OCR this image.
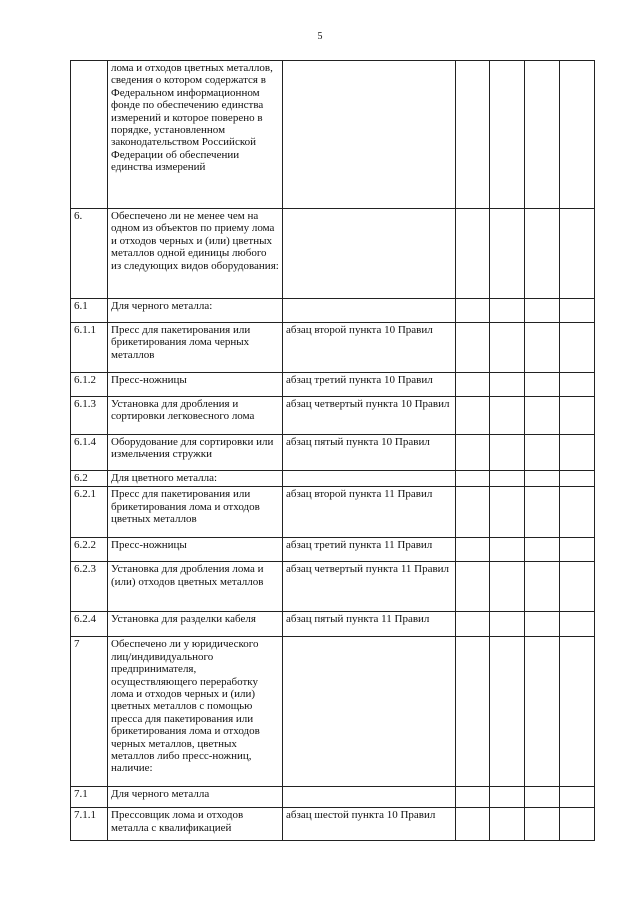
5
	лома и отходов цветных металлов, сведения о котором содержатся в Федеральном информационном фонде по обеспечению единства измерений и которое поверено в порядке, установленном законодательством Российской Федерации об обеспечении единства измерений					
6.	Обеспечено ли не менее чем на одном из объектов по приему лома и отходов черных и (или) цветных металлов одной единицы любого из следующих видов оборудования:					
6.1	Для черного металла:					
6.1.1	Пресс для пакетирования или брикетирования лома черных металлов	абзац второй пункта 10 Правил				
6.1.2	Пресс-ножницы	абзац третий пункта 10 Правил				
6.1.3	Установка для дробления и сортировки легковесного лома	абзац четвертый пункта 10 Правил				
6.1.4	Оборудование для сортировки или измельчения стружки	абзац пятый пункта 10 Правил				
6.2	Для цветного металла:					
6.2.1	Пресс для пакетирования или брикетирования лома и отходов цветных металлов	абзац второй пункта 11 Правил				
6.2.2	Пресс-ножницы	абзац третий пункта 11 Правил				
6.2.3	Установка для дробления лома и (или) отходов цветных металлов	абзац четвертый пункта 11 Правил				
6.2.4	Установка для разделки кабеля	абзац пятый пункта 11 Правил				
7	Обеспечено ли у юридического лиц/индивидуального предпринимателя, осуществляющего переработку лома и отходов черных и (или) цветных металлов с помощью пресса для пакетирования или брикетирования лома и отходов черных металлов, цветных металлов либо пресс-ножниц, наличие:					
7.1	Для черного металла					
7.1.1	Прессовщик лома и отходов металла с квалификацией	абзац шестой пункта 10 Правил				
